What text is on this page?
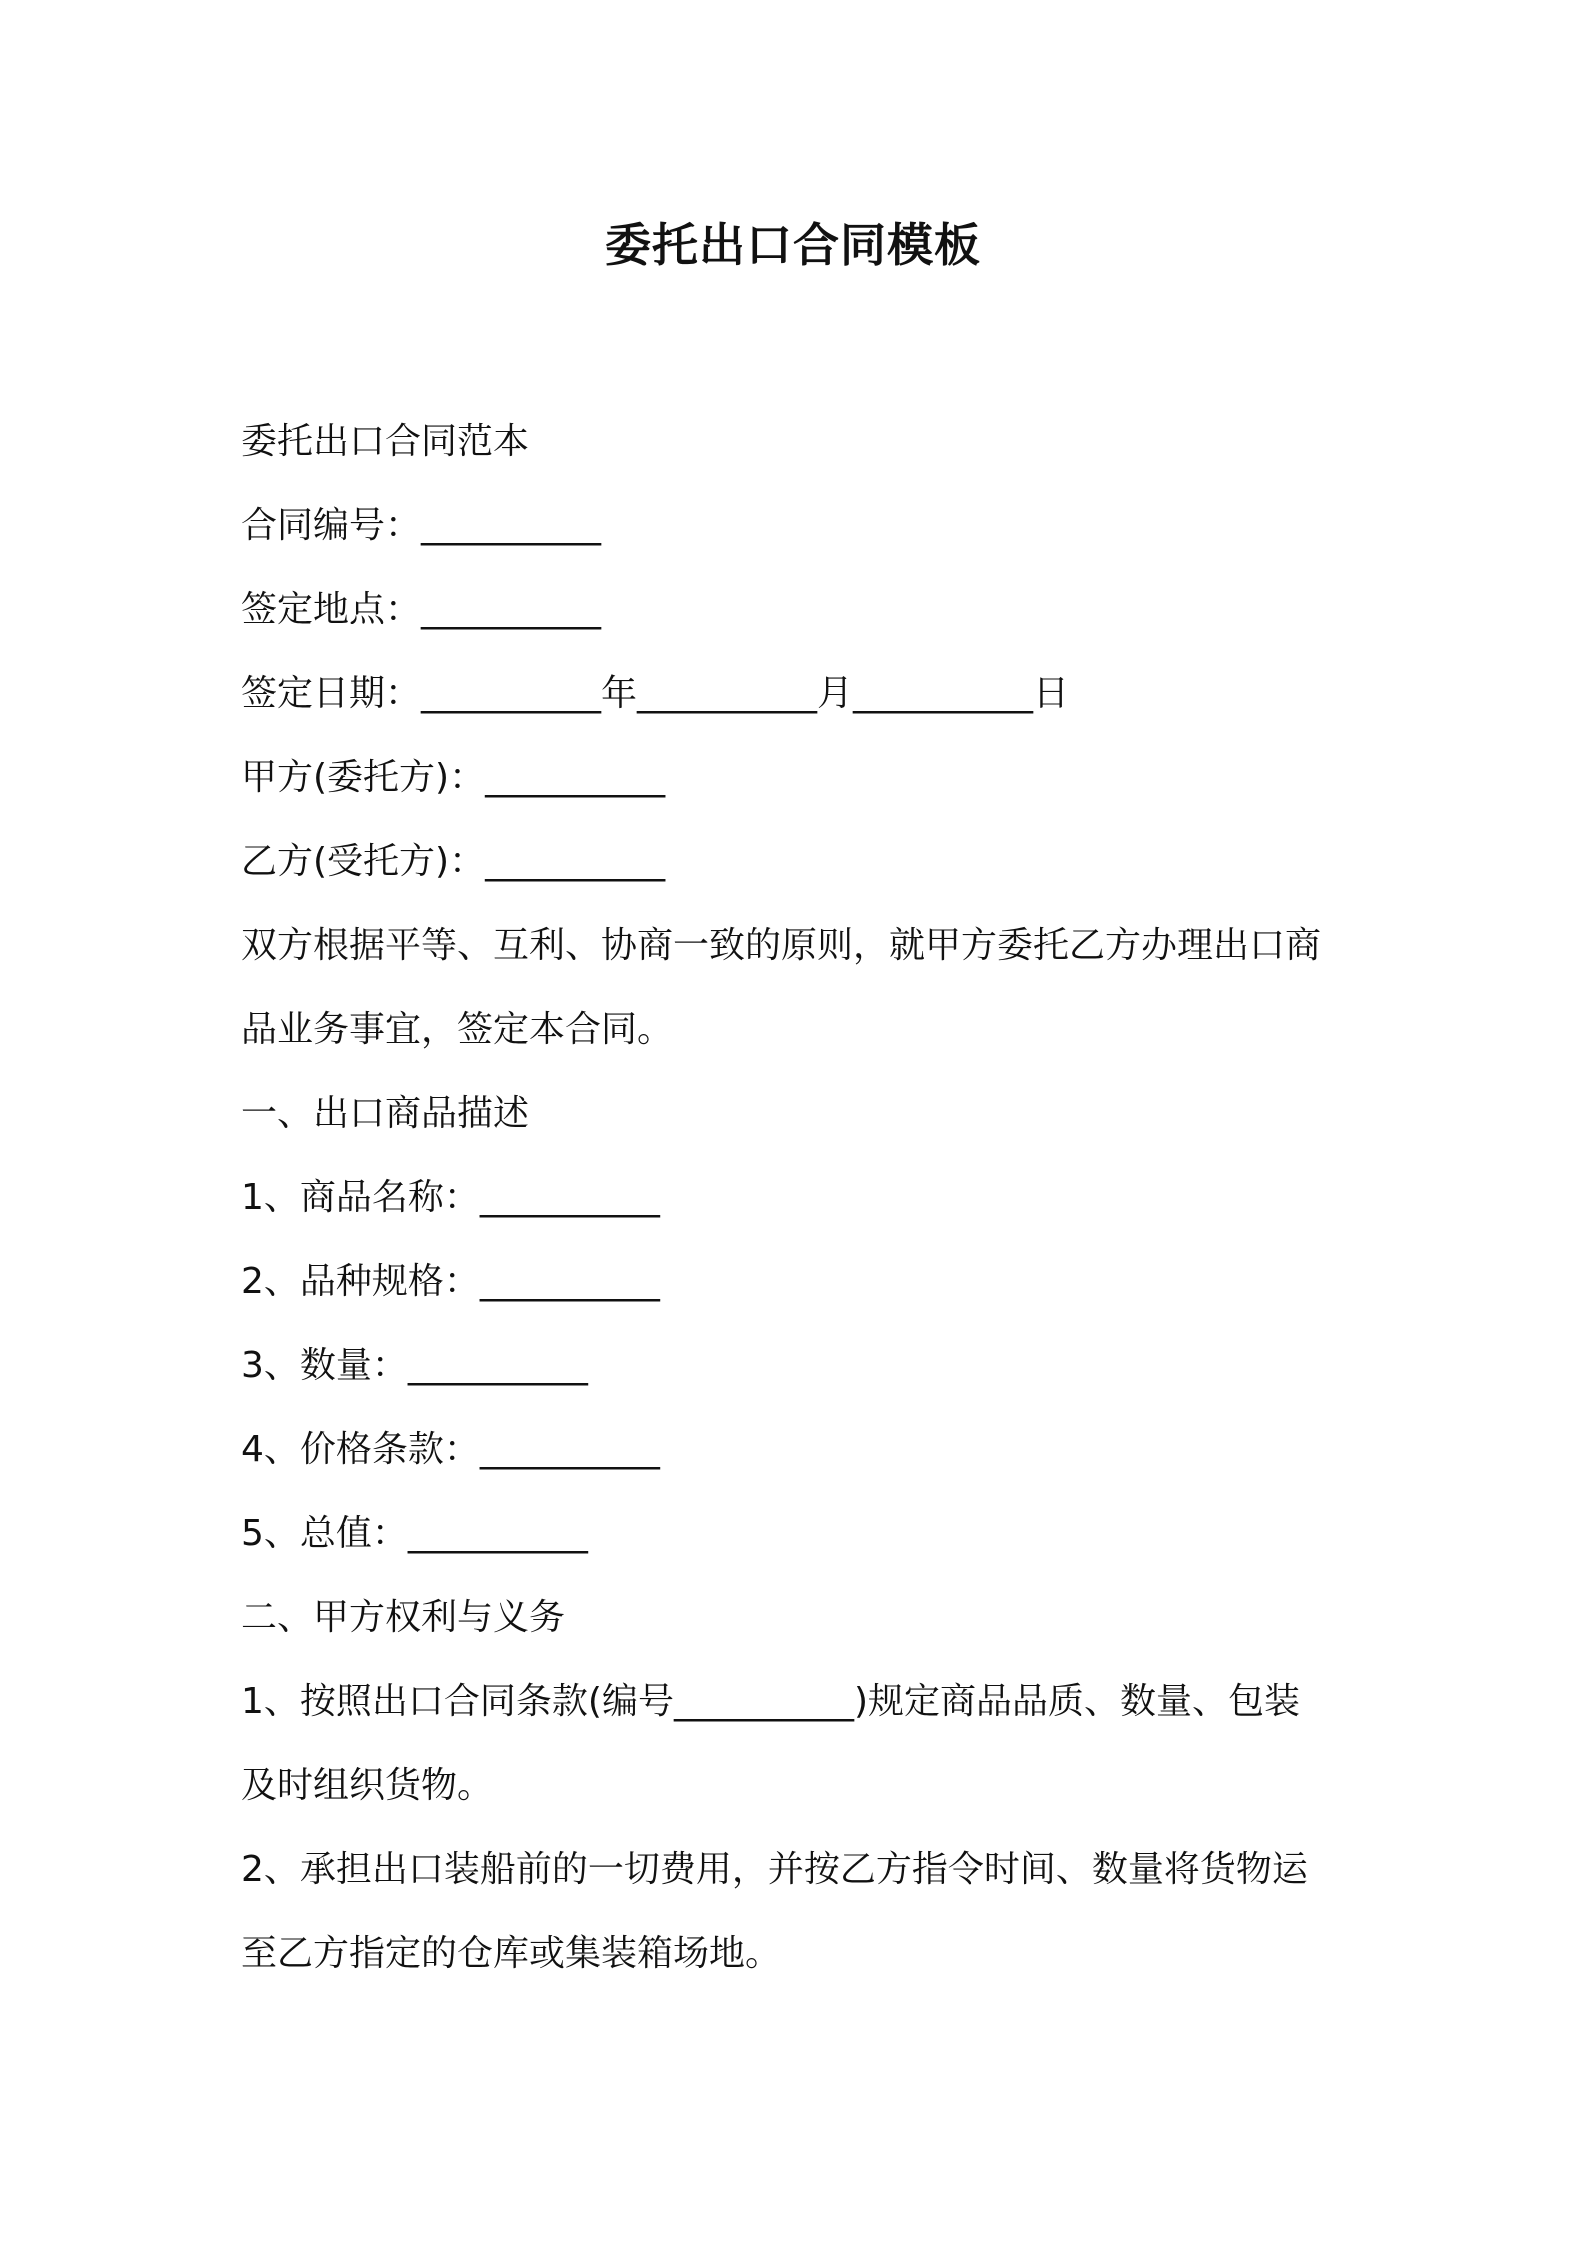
委托出口合同模板
委托出口合同范本
合同编号：__________
签定地点：__________
签定日期：__________年__________月__________日
甲方(委托方)：__________
乙方(受托方)：__________
双方根据平等、互利、协商一致的原则，就甲方委托乙方办理出口商
品业务事宜，签定本合同。
一、出口商品描述
1、商品名称：__________
2、品种规格：__________
3、数量：__________
4、价格条款：__________
5、总值：__________
二、甲方权利与义务
1、按照出口合同条款(编号__________)规定商品品质、数量、包装
及时组织货物。
2、承担出口装船前的一切费用，并按乙方指令时间、数量将货物运
至乙方指定的仓库或集装箱场地。
